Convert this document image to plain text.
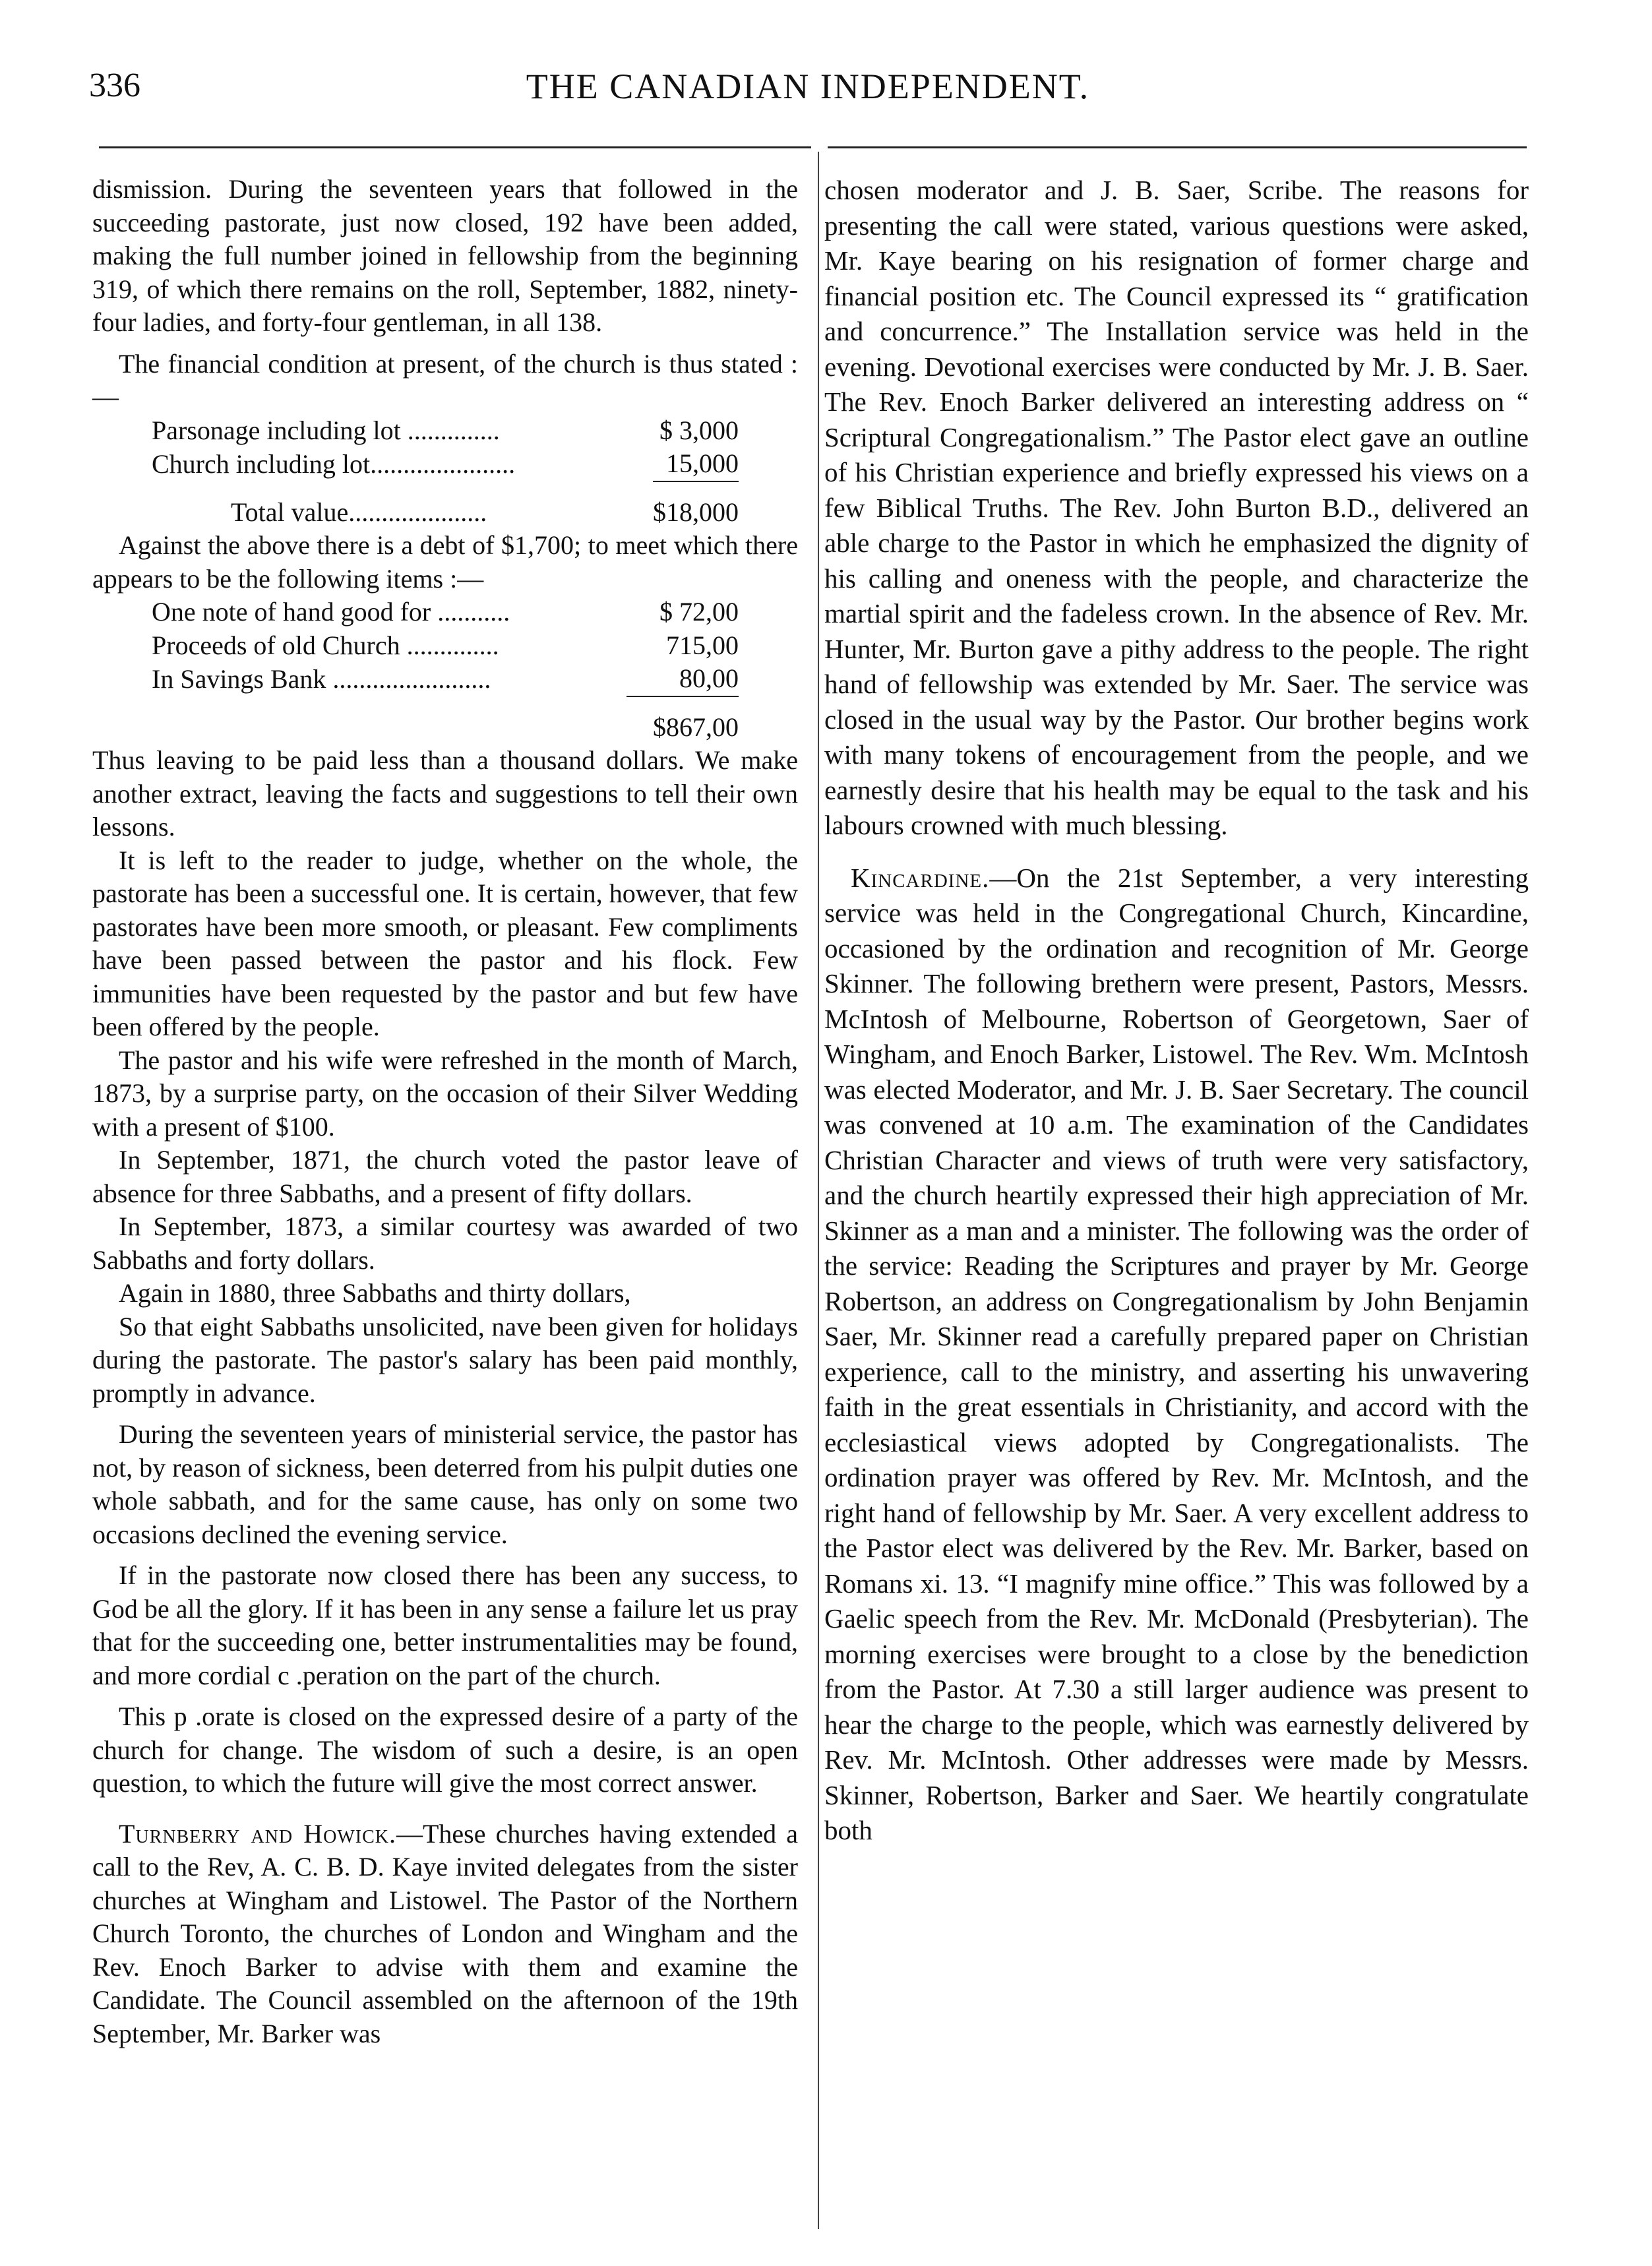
336	THE CANADIAN INDEPENDENT.

dismission. During the seventeen years that followed in the succeeding pastorate, just now closed, 192 have been added, making the full number joined in fellowship from the beginning 319, of which there remains on the roll, September, 1882, ninety-four ladies, and forty-four gentleman, in all 138.

The financial condition at present, of the church is thus stated :—

Parsonage including lot ..............	$ 3,000
Church including lot......................	15,000

Total value.....................	$18,000

Against the above there is a debt of $1,700; to meet which there appears to be the following items :—

One note of hand good for ...........	$ 72,00
Proceeds of old Church ..............	715,00
In Savings Bank ........................	80,00

	$867,00

Thus leaving to be paid less than a thousand dollars. We make another extract, leaving the facts and suggestions to tell their own lessons.

It is left to the reader to judge, whether on the whole, the pastorate has been a successful one. It is certain, however, that few pastorates have been more smooth, or pleasant. Few compliments have been passed between the pastor and his flock. Few immunities have been requested by the pastor and but few have been offered by the people.

The pastor and his wife were refreshed in the month of March, 1873, by a surprise party, on the occasion of their Silver Wedding with a present of $100.

In September, 1871, the church voted the pastor leave of absence for three Sabbaths, and a present of fifty dollars.

In September, 1873, a similar courtesy was awarded of two Sabbaths and forty dollars.

Again in 1880, three Sabbaths and thirty dollars,

So that eight Sabbaths unsolicited, nave been given for holidays during the pastorate. The pastor's salary has been paid monthly, promptly in advance.

During the seventeen years of ministerial service, the pastor has not, by reason of sickness, been deterred from his pulpit duties one whole sabbath, and for the same cause, has only on some two occasions declined the evening service.

If in the pastorate now closed there has been any success, to God be all the glory. If it has been in any sense a failure let us pray that for the succeeding one, better instrumentalities may be found, and more cordial c .peration on the part of the church.

This p .orate is closed on the expressed desire of a party of the church for change. The wisdom of such a desire, is an open question, to which the future will give the most correct answer.

Turnberry and Howick.—These churches having extended a call to the Rev, A. C. B. D. Kaye invited delegates from the sister churches at Wingham and Listowel. The Pastor of the Northern Church Toronto, the churches of London and Wingham and the Rev. Enoch Barker to advise with them and examine the Candidate. The Council assembled on the afternoon of the 19th September, Mr. Barker was

chosen moderator and J. B. Saer, Scribe. The reasons for presenting the call were stated, various questions were asked, Mr. Kaye bearing on his resignation of former charge and financial position etc. The Council expressed its “ gratification and concurrence.” The Installation service was held in the evening. Devotional exercises were conducted by Mr. J. B. Saer. The Rev. Enoch Barker delivered an interesting address on “ Scriptural Congregationalism.” The Pastor elect gave an outline of his Christian experience and briefly expressed his views on a few Biblical Truths. The Rev. John Burton B.D., delivered an able charge to the Pastor in which he emphasized the dignity of his calling and oneness with the people, and characterize the martial spirit and the fadeless crown. In the absence of Rev. Mr. Hunter, Mr. Burton gave a pithy address to the people. The right hand of fellowship was extended by Mr. Saer. The service was closed in the usual way by the Pastor. Our brother begins work with many tokens of encouragement from the people, and we earnestly desire that his health may be equal to the task and his labours crowned with much blessing.

Kincardine.—On the 21st September, a very interesting service was held in the Congregational Church, Kincardine, occasioned by the ordination and recognition of Mr. George Skinner. The following brethern were present, Pastors, Messrs. McIntosh of Melbourne, Robertson of Georgetown, Saer of Wingham, and Enoch Barker, Listowel. The Rev. Wm. McIntosh was elected Moderator, and Mr. J. B. Saer Secretary. The council was convened at 10 a.m. The examination of the Candidates Christian Character and views of truth were very satisfactory, and the church heartily expressed their high appreciation of Mr. Skinner as a man and a minister. The following was the order of the service: Reading the Scriptures and prayer by Mr. George Robertson, an address on Congregationalism by John Benjamin Saer, Mr. Skinner read a carefully prepared paper on Christian experience, call to the ministry, and asserting his unwavering faith in the great essentials in Christianity, and accord with the ecclesiastical views adopted by Congregationalists. The ordination prayer was offered by Rev. Mr. McIntosh, and the right hand of fellowship by Mr. Saer. A very excellent address to the Pastor elect was delivered by the Rev. Mr. Barker, based on Romans xi. 13. “I magnify mine office.” This was followed by a Gaelic speech from the Rev. Mr. McDonald (Presbyterian). The morning exercises were brought to a close by the benediction from the Pastor. At 7.30 a still larger audience was present to hear the charge to the people, which was earnestly delivered by Rev. Mr. McIntosh. Other addresses were made by Messrs. Skinner, Robertson, Barker and Saer. We heartily congratulate both
